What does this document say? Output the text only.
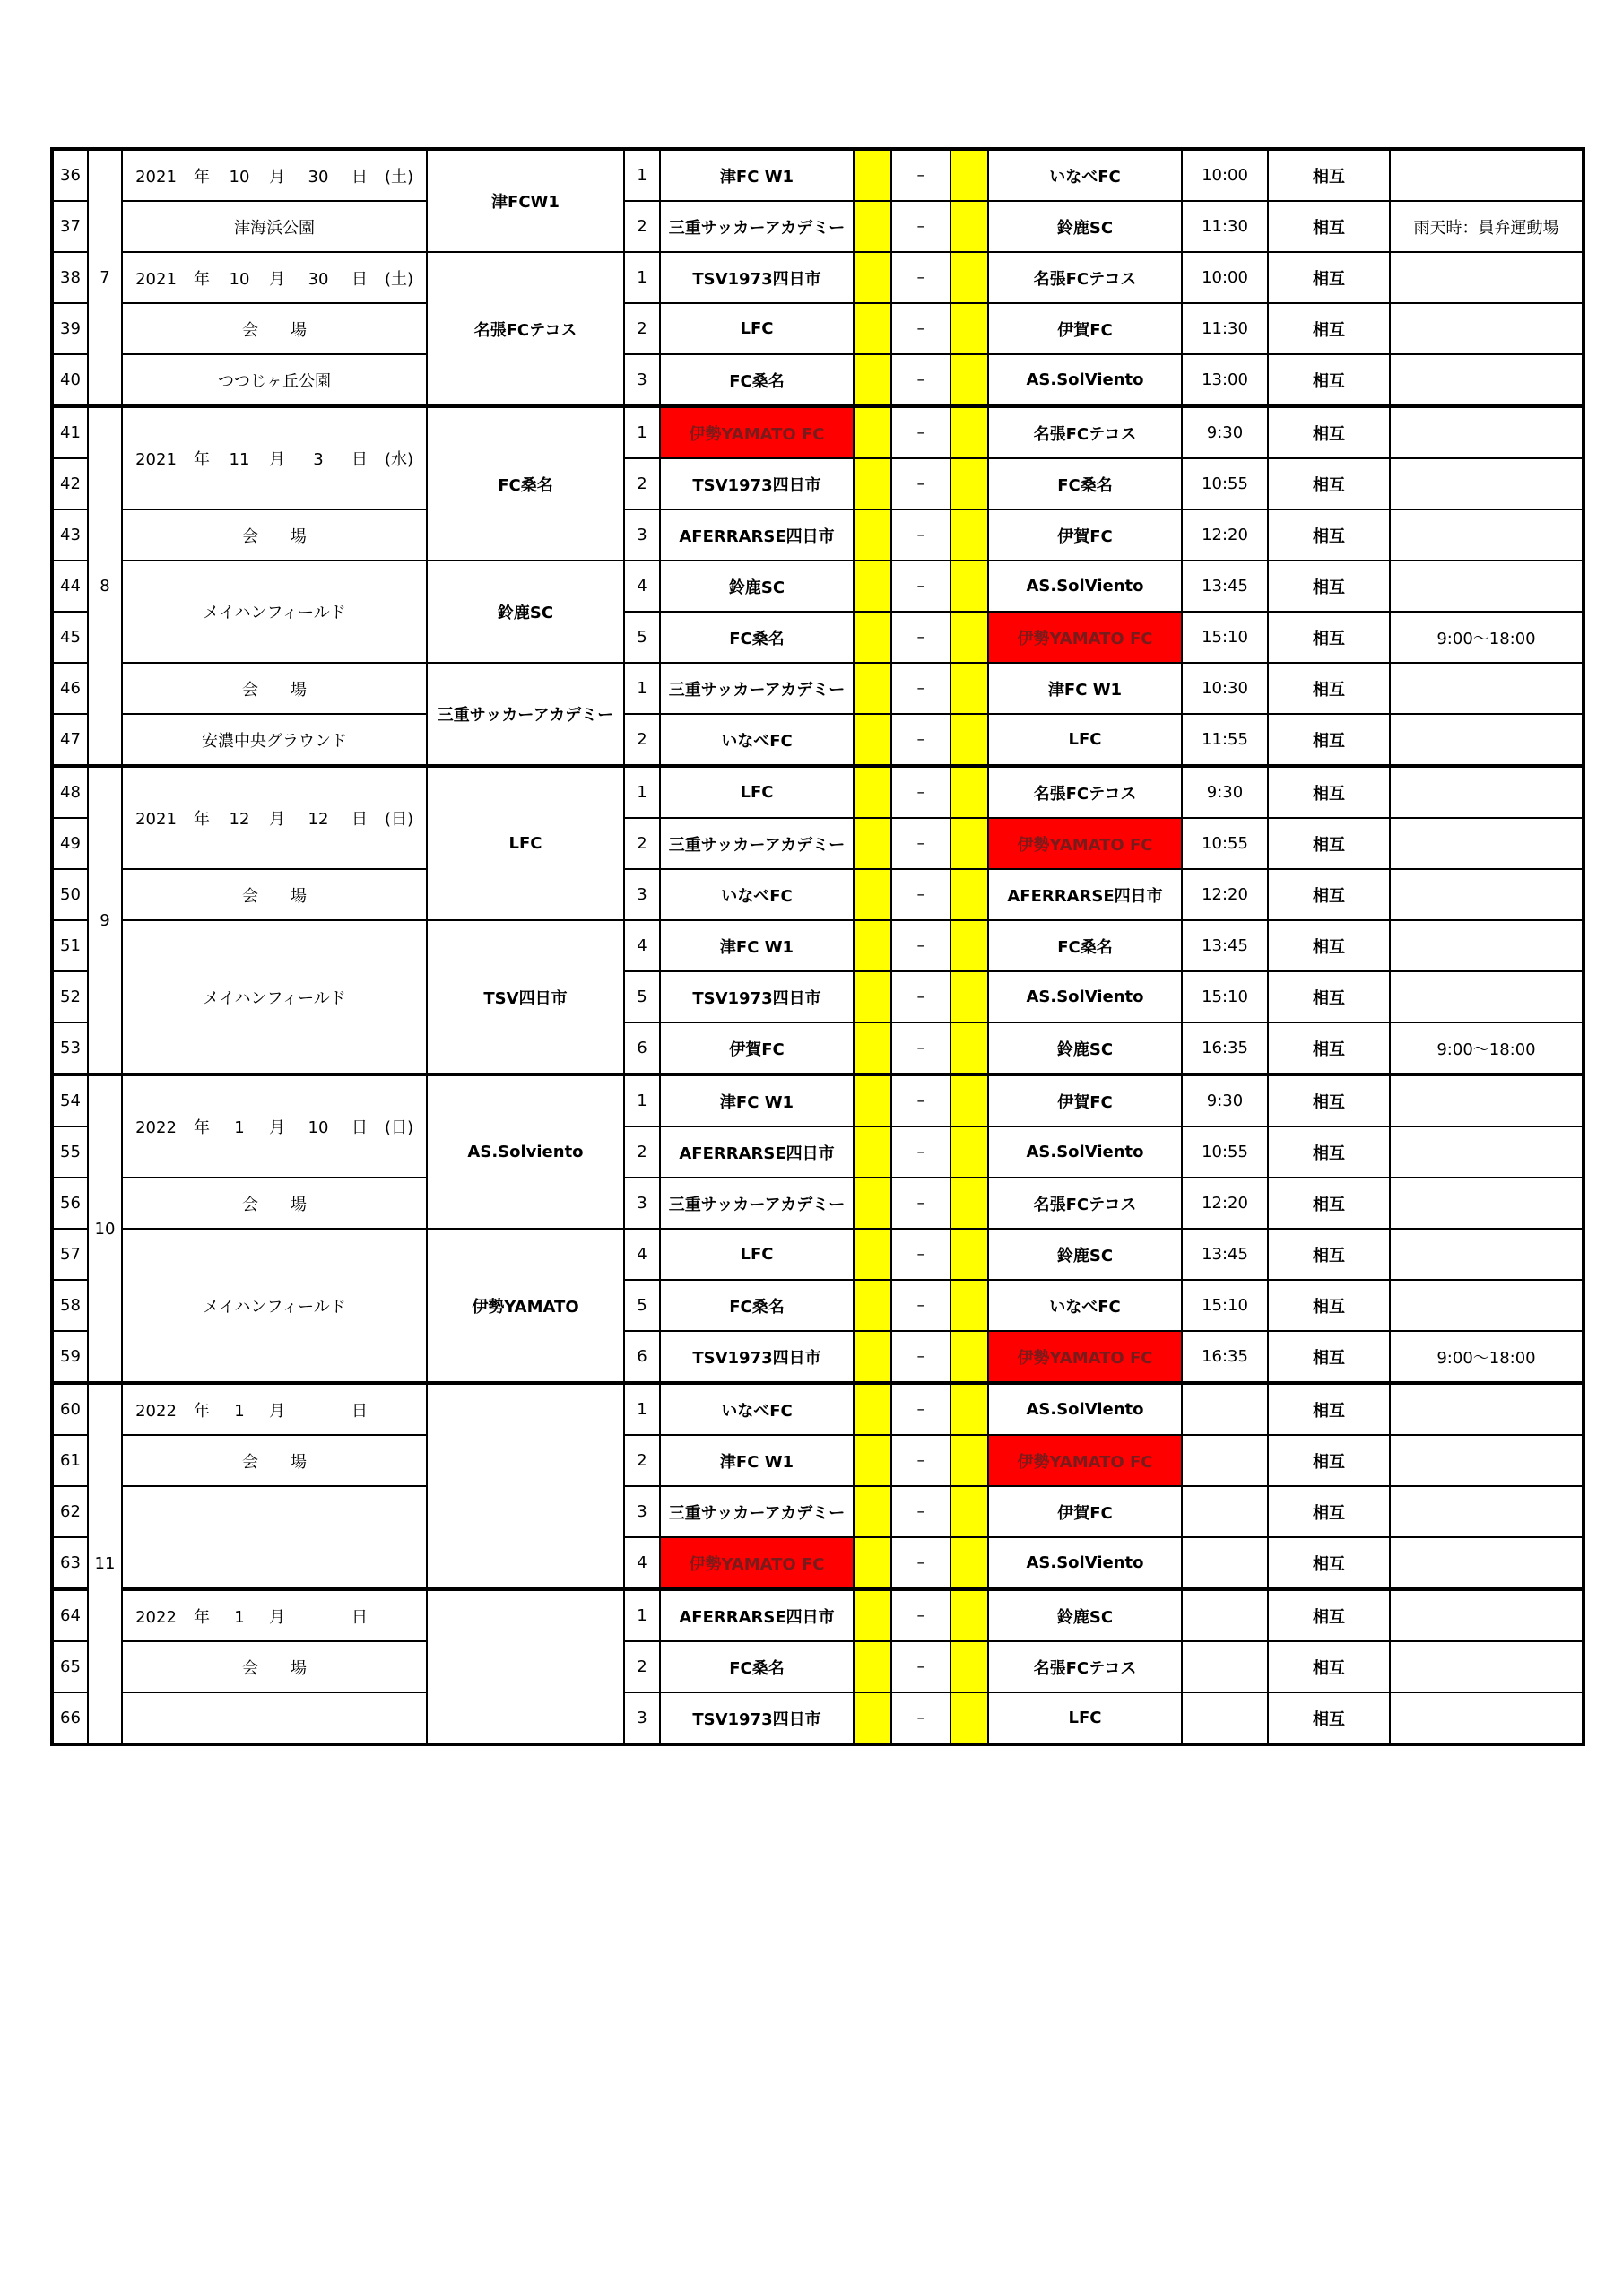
36	7	2021 年 10 月 30 日 (土)	津FCW1	1	津FC W1		–		いなべFC	10:00	相互	
37		津海浜公園		2	三重サッカーアカデミー		–		鈴鹿SC	11:30	相互	雨天時：員弁運動場
38		2021 年 10 月 30 日 (土)	名張FCテコス	1	TSV1973四日市		–		名張FCテコス	10:00	相互	
39		会　　場		2	LFC		–		伊賀FC	11:30	相互	
40		つつじヶ丘公園		3	FC桑名		–		AS.SolViento	13:00	相互	
41	8	2021 年 11 月 3 日 (水)	FC桑名	1	伊勢YAMATO FC		–		名張FCテコス	9:30	相互	
42				2	TSV1973四日市		–		FC桑名	10:55	相互	
43		会　　場		3	AFERRARSE四日市		–		伊賀FC	12:20	相互	
44		メイハンフィールド	鈴鹿SC	4	鈴鹿SC		–		AS.SolViento	13:45	相互	
45				5	FC桑名		–		伊勢YAMATO FC	15:10	相互	9:00～18:00
46		会　　場	三重サッカーアカデミー	1	三重サッカーアカデミー		–		津FC W1	10:30	相互	
47		安濃中央グラウンド		2	いなべFC		–		LFC	11:55	相互	
48	9	2021 年 12 月 12 日 (日)	LFC	1	LFC		–		名張FCテコス	9:30	相互	
49				2	三重サッカーアカデミー		–		伊勢YAMATO FC	10:55	相互	
50		会　　場		3	いなべFC		–		AFERRARSE四日市	12:20	相互	
51		メイハンフィールド	TSV四日市	4	津FC W1		–		FC桑名	13:45	相互	
52				5	TSV1973四日市		–		AS.SolViento	15:10	相互	
53				6	伊賀FC		–		鈴鹿SC	16:35	相互	9:00～18:00
54	10	2022 年 1 月 10 日 (日)	AS.Solviento	1	津FC W1		–		伊賀FC	9:30	相互	
55				2	AFERRARSE四日市		–		AS.SolViento	10:55	相互	
56		会　　場		3	三重サッカーアカデミー		–		名張FCテコス	12:20	相互	
57		メイハンフィールド	伊勢YAMATO	4	LFC		–		鈴鹿SC	13:45	相互	
58				5	FC桑名		–		いなべFC	15:10	相互	
59				6	TSV1973四日市		–		伊勢YAMATO FC	16:35	相互	9:00～18:00
60	11	2022 年 1 月 日		1	いなべFC		–		AS.SolViento		相互	
61		会　　場		2	津FC W1		–		伊勢YAMATO FC		相互	
62				3	三重サッカーアカデミー		–		伊賀FC		相互	
63				4	伊勢YAMATO FC		–		AS.SolViento		相互	
64		2022 年 1 月 日		1	AFERRARSE四日市		–		鈴鹿SC		相互	
65		会　　場		2	FC桑名		–		名張FCテコス		相互	
66				3	TSV1973四日市		–		LFC		相互	
